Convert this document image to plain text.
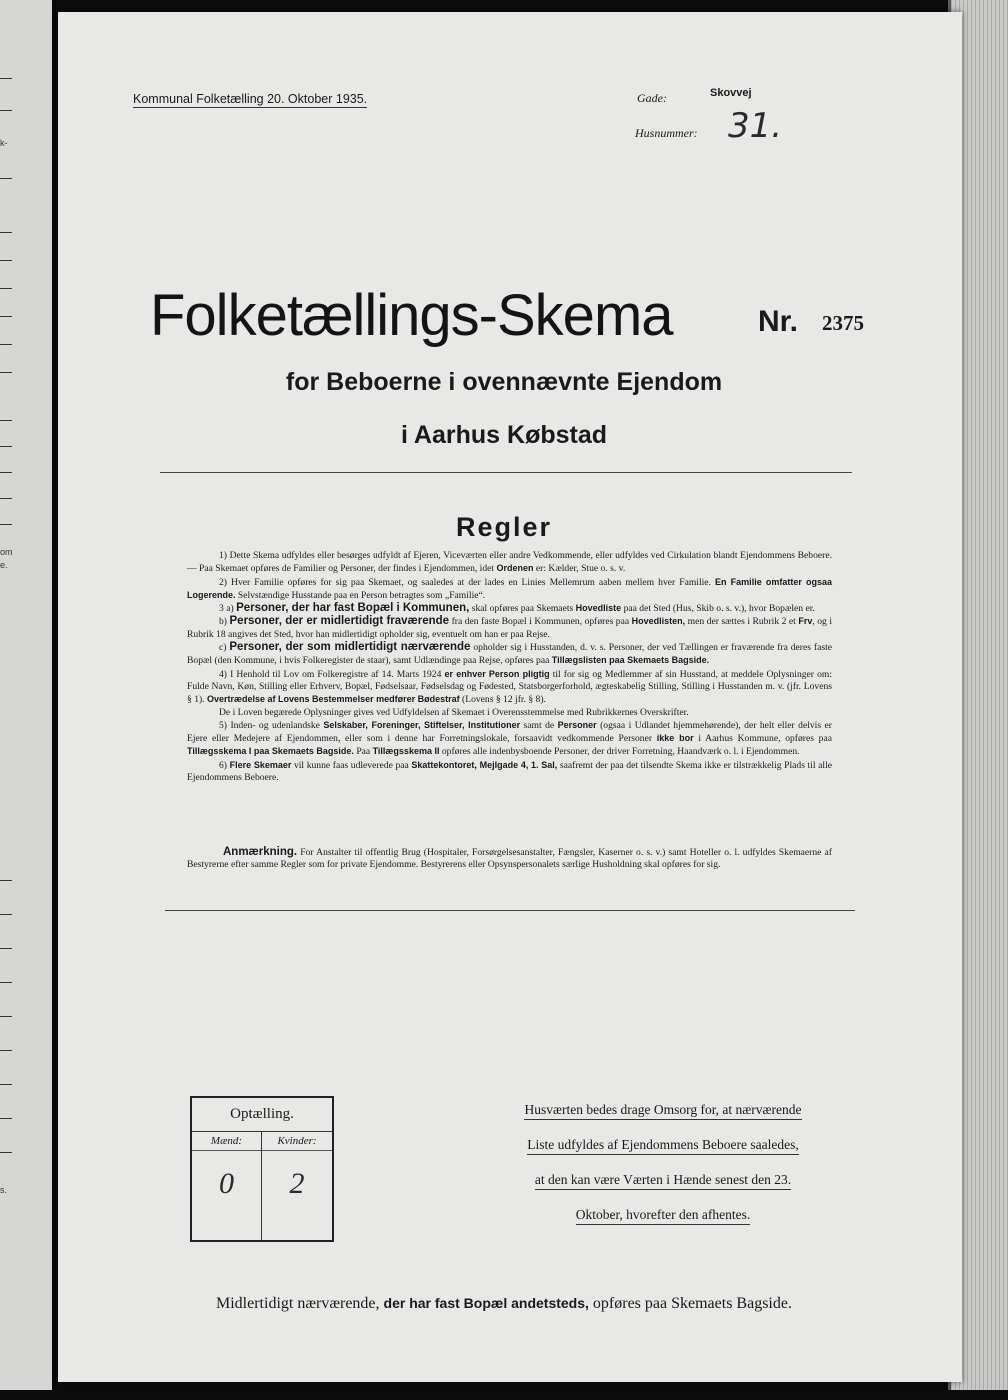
k-
om
e.
s.
Kommunal Folketælling 20. Oktober 1935.	Gade:	Skovvej
Husnummer: 31.
Folketællings-Skema	Nr. 2375
for Beboerne i ovennævnte Ejendom
i Aarhus Købstad
Regler

1) Dette Skema udfyldes eller besørges udfyldt af Ejeren, Viceværten eller andre Vedkommende, eller udfyldes ved Cirkulation blandt Ejendommens Beboere. — Paa Skemaet opføres de Familier og Personer, der findes i Ejendommen, idet Ordenen er: Kælder, Stue o. s. v.

2) Hver Familie opføres for sig paa Skemaet, og saaledes at der lades en Linies Mellemrum aaben mellem hver Familie. En Familie omfatter ogsaa Logerende. Selvstændige Husstande paa en Person betragtes som „Familie“.

3 a) Personer, der har fast Bopæl i Kommunen, skal opføres paa Skemaets Hovedliste paa det Sted (Hus, Skib o. s. v.), hvor Bopælen er.

b) Personer, der er midlertidigt fraværende fra den faste Bopæl i Kommunen, opføres paa Hovedlisten, men der sættes i Rubrik 2 et Frv, og i Rubrik 18 angives det Sted, hvor han midlertidigt opholder sig, eventuelt om han er paa Rejse.

c) Personer, der som midlertidigt nærværende opholder sig i Husstanden, d. v. s. Personer, der ved Tællingen er fraværende fra deres faste Bopæl (den Kommune, i hvis Folkeregister de staar), samt Udlændinge paa Rejse, opføres paa Tillægslisten paa Skemaets Bagside.

4) I Henhold til Lov om Folkeregistre af 14. Marts 1924 er enhver Person pligtig til for sig og Medlemmer af sin Husstand, at meddele Oplysninger om: Fulde Navn, Køn, Stilling eller Erhverv, Bopæl, Fødselsaar, Fødselsdag og Fødested, Statsborgerforhold, ægteskabelig Stilling, Stilling i Husstanden m. v. (jfr. Lovens § 1). Overtrædelse af Lovens Bestemmelser medfører Bødestraf (Lovens § 12 jfr. § 8).

De i Loven begærede Oplysninger gives ved Udfyldelsen af Skemaet i Overensstemmelse med Rubrikkernes Overskrifter.

5) Inden- og udenlandske Selskaber, Foreninger, Stiftelser, Institutioner samt de Personer (ogsaa i Udlandet hjemmehørende), der helt eller delvis er Ejere eller Medejere af Ejendommen, eller som i denne har Forretningslokale, forsaavidt vedkommende Personer ikke bor i Aarhus Kommune, opføres paa Tillægsskema I paa Skemaets Bagside. Paa Tillægsskema II opføres alle indenbysboende Personer, der driver Forretning, Haandværk o. l. i Ejendommen.

6) Flere Skemaer vil kunne faas udleverede paa Skattekontoret, Mejlgade 4, 1. Sal, saafremt der paa det tilsendte Skema ikke er tilstrækkelig Plads til alle Ejendommens Beboere.

Anmærkning. For Anstalter til offentlig Brug (Hospitaler, Forsørgelsesanstalter, Fængsler, Kaserner o. s. v.) samt Hoteller o. l. udfyldes Skemaerne af Bestyrerne efter samme Regler som for private Ejendomme. Bestyrerens eller Opsynspersonalets særlige Husholdning skal opføres for sig.

Optælling.
Mænd:
0
Kvinder:
2
Husværten bedes drage Omsorg for, at nærværende
Liste udfyldes af Ejendommens Beboere saaledes,
at den kan være Værten i Hænde senest den 23.
Oktober, hvorefter den afhentes.
Midlertidigt nærværende, der har fast Bopæl andetsteds, opføres paa Skemaets Bagside.
